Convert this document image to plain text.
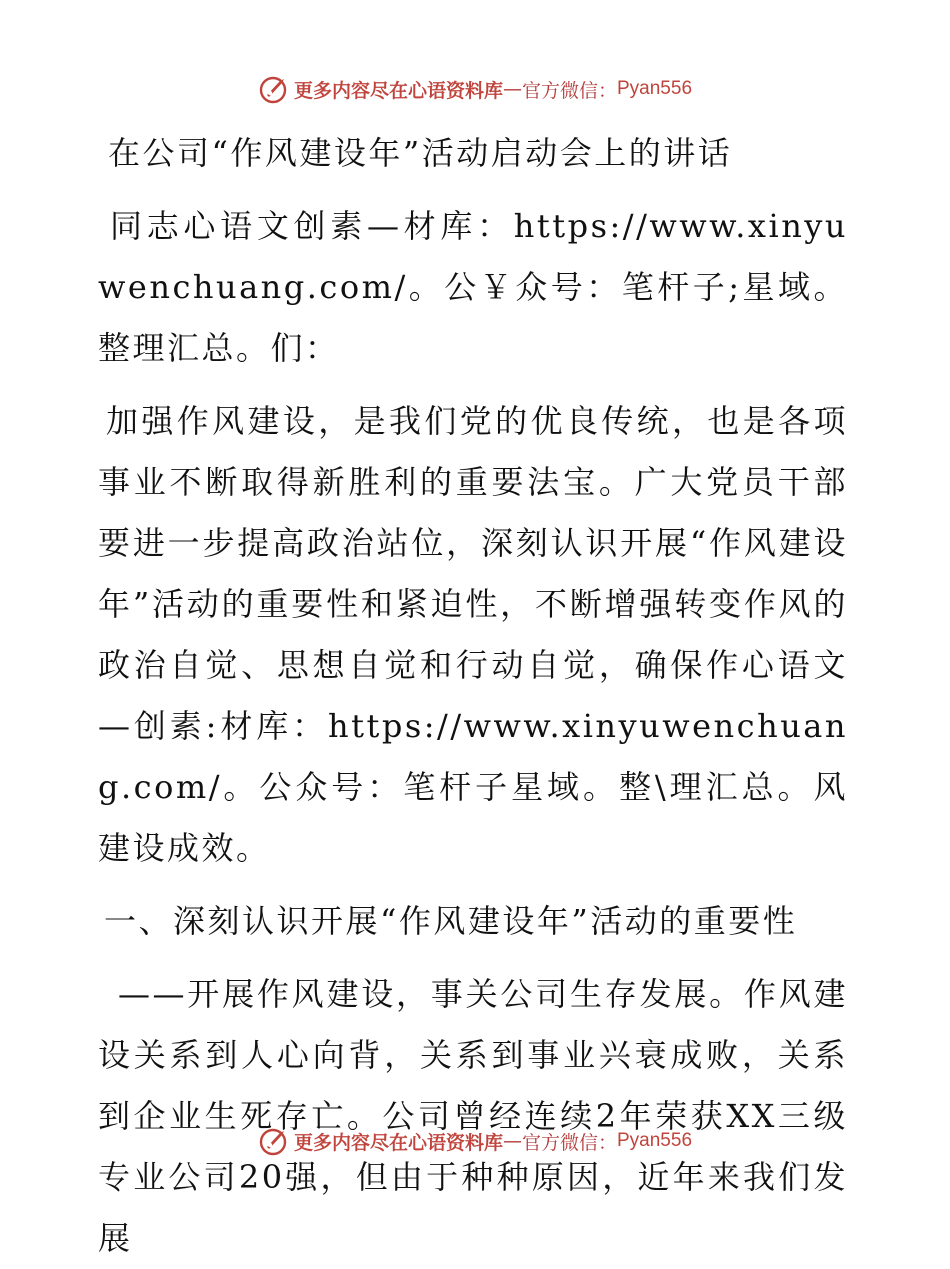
更多内容尽在心语资料库 — 官方微信： Pyan556

在公司“作风建设年”活动启动会上的讲话

同志心语文创素—材库：https://www.xinyuwenchuang.com/。公￥众号：笔杆子;星域。整理汇总。们：

加强作风建设，是我们党的优良传统，也是各项事业不断取得新胜利的重要法宝。广大党员干部要进一步提高政治站位，深刻认识开展“作风建设年”活动的重要性和紧迫性，不断增强转变作风的政治自觉、思想自觉和行动自觉，确保作心语文—创素:材库：https://www.xinyuwenchuang.com/。公众号：笔杆子星域。整\理汇总。风建设成效。

一、深刻认识开展“作风建设年”活动的重要性

——开展作风建设，事关公司生存发展。作风建设关系到人心向背，关系到事业兴衰成败，关系到企业生死存亡。公司曾经连续2年荣获XX三级专业公司20强，但由于种种原因，近年来我们发展

更多内容尽在心语资料库 — 官方微信： Pyan556
